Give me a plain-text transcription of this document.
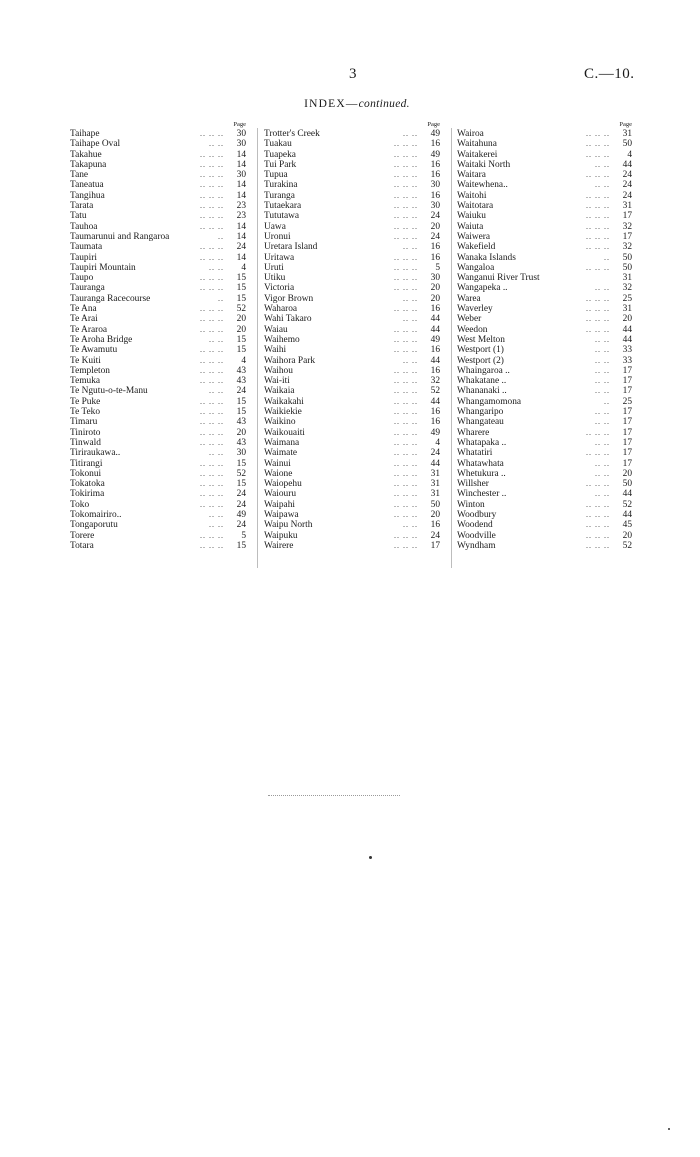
3	C.—10.
INDEX—continued.
Page
Taihape	.. .. .. 30
Taihape Oval	.. .. 30
Takahue	.. .. .. 14
Takapuna	.. .. .. 14
Tane	.. .. .. 30
Taneatua	.. .. .. 14
Tangihua	.. .. .. 14
Tarata	.. .. .. 23
Tatu	.. .. .. 23
Tauhoa	.. .. .. 14
Taumarunui and Rangaroa	.. 14
Taumata	.. .. .. 24
Taupiri	.. .. .. 14
Taupiri Mountain	.. .. 4
Taupo	.. .. .. 15
Tauranga	.. .. .. 15
Tauranga Racecourse	.. 15
Te Ana	.. .. .. 52
Te Arai	.. .. .. 20
Te Araroa	.. .. .. 20
Te Aroha Bridge	.. .. 15
Te Awamutu	.. .. .. 15
Te Kuiti	.. .. .. 4
Templeton	.. .. .. 43
Temuka	.. .. .. 43
Te Ngutu-o-te-Manu	.. .. 24
Te Puke	.. .. .. 15
Te Teko	.. .. .. 15
Timaru	.. .. .. 43
Tiniroto	.. .. .. 20
Tinwald	.. .. .. 43
Tiriraukawa..	.. .. 30
Titirangi	.. .. .. 15
Tokonui	.. .. .. 52
Tokatoka	.. .. .. 15
Tokirima	.. .. .. 24
Toko	.. .. .. 24
Tokomairiro..	.. .. 49
Tongaporutu	.. .. 24
Torere	.. .. .. 5
Totara	.. .. .. 15
Page
Trotter's Creek	.. .. 49
Tuakau	.. .. .. 16
Tuapeka	.. .. .. 49
Tui Park	.. .. .. 16
Tupua	.. .. .. 16
Turakina	.. .. .. 30
Turanga	.. .. .. 16
Tutaekara	.. .. .. 30
Tututawa	.. .. .. 24
Uawa	.. .. .. 20
Uronui	.. .. .. 24
Uretara Island	.. .. 16
Uritawa	.. .. .. 16
Uruti	.. .. .. 5
Utiku	.. .. .. 30
Victoria	.. .. .. 20
Vigor Brown	.. .. 20
Waharoa	.. .. .. 16
Wahi Takaro	.. .. 44
Waiau	.. .. .. 44
Waihemo	.. .. .. 49
Waihi	.. .. .. 16
Waihora Park	.. .. 44
Waihou	.. .. .. 16
Wai-iti	.. .. .. 32
Waikaia	.. .. .. 52
Waikakahi	.. .. .. 44
Waikiekie	.. .. .. 16
Waikino	.. .. .. 16
Waikouaiti	.. .. .. 49
Waimana	.. .. .. 4
Waimate	.. .. .. 24
Wainui	.. .. .. 44
Waione	.. .. .. 31
Waiopehu	.. .. .. 31
Waiouru	.. .. .. 31
Waipahi	.. .. .. 50
Waipawa	.. .. .. 20
Waipu North	.. .. 16
Waipuku	.. .. .. 24
Wairere	.. .. .. 17
Page
Wairoa	.. .. .. 31
Waitahuna	.. .. .. 50
Waitakerei	.. .. .. 4
Waitaki North	.. .. 44
Waitara	.. .. .. 24
Waitewhena..	.. .. 24
Waitohi	.. .. .. 24
Waitotara	.. .. .. 31
Waiuku	.. .. .. 17
Waiuta	.. .. .. 32
Waiwera	.. .. .. 17
Wakefield	.. .. .. 32
Wanaka Islands	.. 50
Wangaloa	.. .. .. 50
Wanganui River Trust	31
Wangapeka ..	.. .. 32
Warea	.. .. .. 25
Waverley	.. .. .. 31
Weber	.. .. .. 20
Weedon	.. .. .. 44
West Melton	.. .. 44
Westport (1)	.. .. 33
Westport (2)	.. .. 33
Whaingaroa ..	.. .. 17
Whakatane ..	.. .. 17
Whananaki ..	.. .. 17
Whangamomona	.. 25
Whangaripo	.. .. 17
Whangateau	.. .. 17
Wharere	.. .. .. 17
Whatapaka ..	.. .. 17
Whatatiri	.. .. .. 17
Whatawhata	.. .. 17
Whetukura ..	.. .. 20
Willsher	.. .. .. 50
Winchester ..	.. .. 44
Winton	.. .. .. 52
Woodbury	.. .. .. 44
Woodend	.. .. .. 45
Woodville	.. .. .. 20
Wyndham	.. .. .. 52
